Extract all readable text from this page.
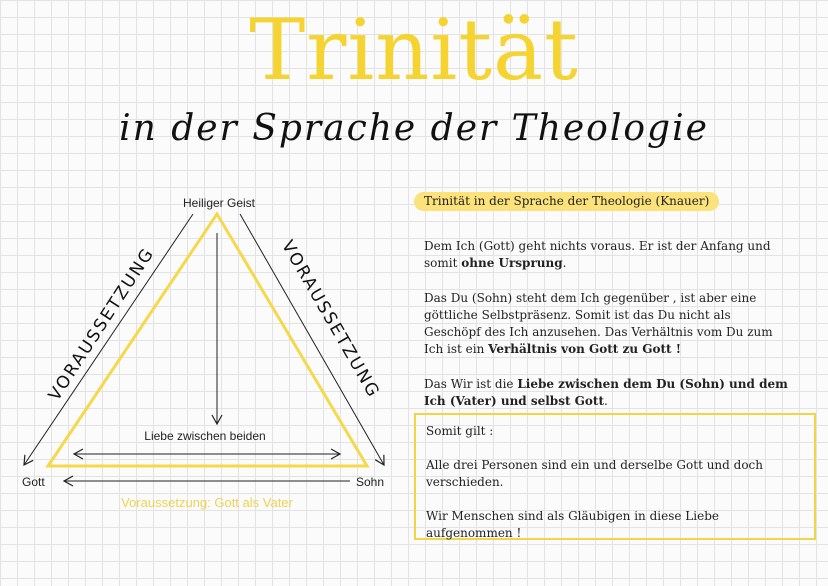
Trinität
in der Sprache der Theologie
Heiliger Geist
Gott	Sohn
Liebe zwischen beiden
VORAUSSETZUNG	VORAUSSETZUNG
Voraussetzung: Gott als Vater
Trinität in der Sprache der Theologie (Knauer)

Dem Ich (Gott) geht nichts voraus. Er ist der Anfang und somit ohne Ursprung.

Das Du (Sohn) steht dem Ich gegenüber , ist aber eine göttliche Selbstpräsenz. Somit ist das Du nicht als Geschöpf des Ich anzusehen. Das Verhältnis vom Du zum Ich ist ein Verhältnis von Gott zu Gott !

Das Wir ist die Liebe zwischen dem Du (Sohn) und dem Ich (Vater) und selbst Gott.

Somit gilt :

Alle drei Personen sind ein und derselbe Gott und doch verschieden.

Wir Menschen sind als Gläubigen in diese Liebe aufgenommen !
